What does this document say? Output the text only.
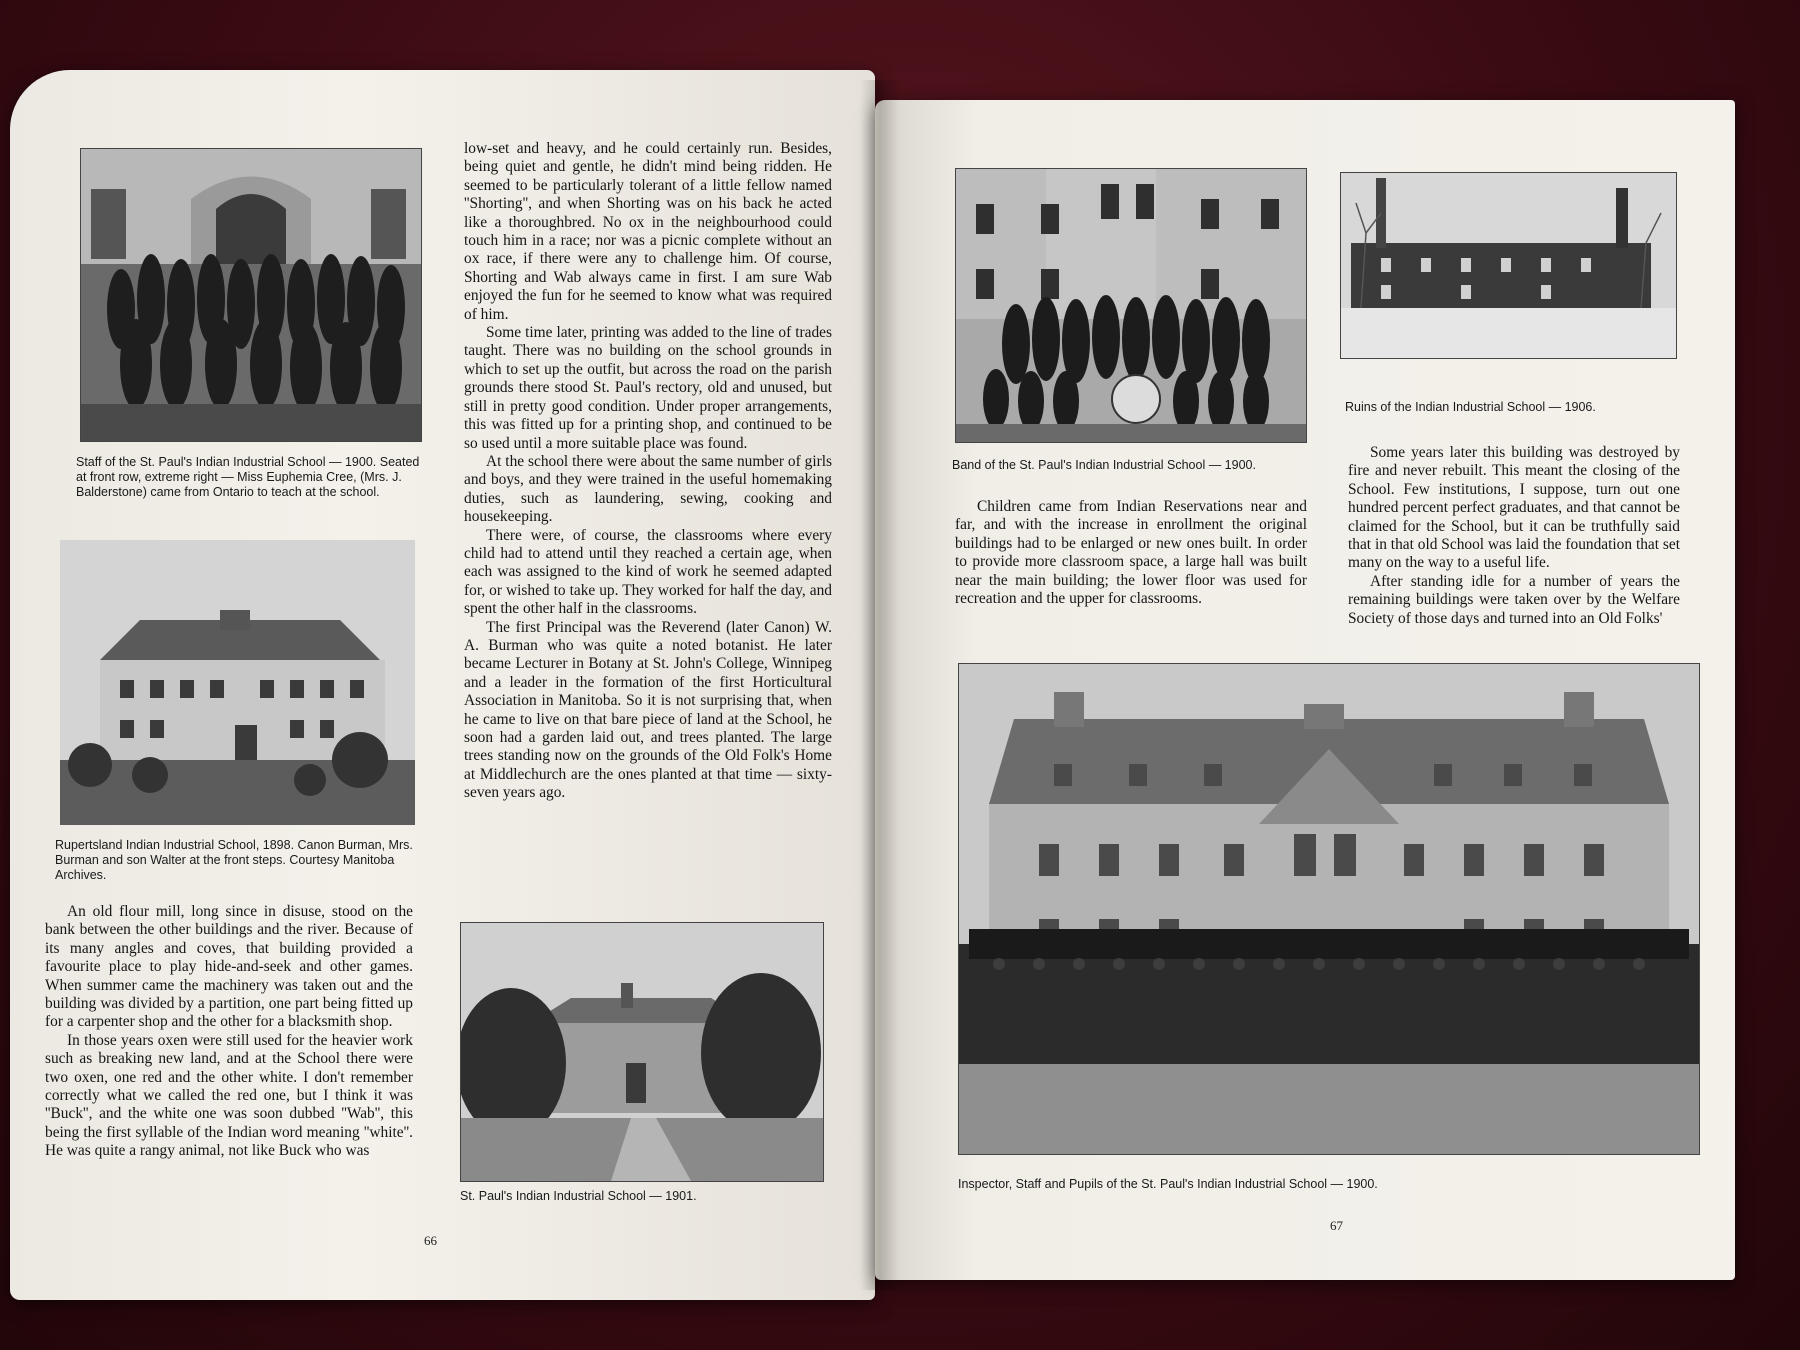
Staff of the St. Paul's Indian Industrial School — 1900. Seated at front row, extreme right — Miss Euphemia Cree, (Mrs. J. Balderstone) came from Ontario to teach at the school.

Rupertsland Indian Industrial School, 1898. Canon Burman, Mrs. Burman and son Walter at the front steps. Courtesy Manitoba Archives.

An old flour mill, long since in disuse, stood on the bank between the other buildings and the river. Because of its many angles and coves, that building provided a favourite place to play hide-and-seek and other games. When summer came the machinery was taken out and the building was divided by a partition, one part being fitted up for a carpenter shop and the other for a blacksmith shop.

In those years oxen were still used for the heavier work such as breaking new land, and at the School there were two oxen, one red and the other white. I don't remember correctly what we called the red one, but I think it was ''Buck'', and the white one was soon dubbed ''Wab'', this being the first syllable of the Indian word meaning ''white''. He was quite a rangy animal, not like Buck who was

low-set and heavy, and he could certainly run. Besides, being quiet and gentle, he didn't mind being ridden. He seemed to be particularly tolerant of a little fellow named ''Shorting'', and when Shorting was on his back he acted like a thoroughbred. No ox in the neighbourhood could touch him in a race; nor was a picnic complete without an ox race, if there were any to challenge him. Of course, Shorting and Wab always came in first. I am sure Wab enjoyed the fun for he seemed to know what was required of him.

Some time later, printing was added to the line of trades taught. There was no building on the school grounds in which to set up the outfit, but across the road on the parish grounds there stood St. Paul's rectory, old and unused, but still in pretty good condition. Under proper arrangements, this was fitted up for a printing shop, and continued to be so used until a more suitable place was found.

At the school there were about the same number of girls and boys, and they were trained in the useful homemaking duties, such as laundering, sewing, cooking and housekeeping.

There were, of course, the classrooms where every child had to attend until they reached a certain age, when each was assigned to the kind of work he seemed adapted for, or wished to take up. They worked for half the day, and spent the other half in the classrooms.

The first Principal was the Reverend (later Canon) W. A. Burman who was quite a noted botanist. He later became Lecturer in Botany at St. John's College, Winnipeg and a leader in the formation of the first Horticultural Association in Manitoba. So it is not surprising that, when he came to live on that bare piece of land at the School, he soon had a garden laid out, and trees planted. The large trees standing now on the grounds of the Old Folk's Home at Middlechurch are the ones planted at that time — sixty-seven years ago.

St. Paul's Indian Industrial School — 1901.

66

Band of the St. Paul's Indian Industrial School — 1900.

Ruins of the Indian Industrial School — 1906.

Children came from Indian Reservations near and far, and with the increase in enrollment the original buildings had to be enlarged or new ones built. In order to provide more classroom space, a large hall was built near the main building; the lower floor was used for recreation and the upper for classrooms.

Some years later this building was destroyed by fire and never rebuilt. This meant the closing of the School. Few institutions, I suppose, turn out one hundred percent perfect graduates, and that cannot be claimed for the School, but it can be truthfully said that in that old School was laid the foundation that set many on the way to a useful life.

After standing idle for a number of years the remaining buildings were taken over by the Welfare Society of those days and turned into an Old Folks'

Inspector, Staff and Pupils of the St. Paul's Indian Industrial School — 1900.

67
